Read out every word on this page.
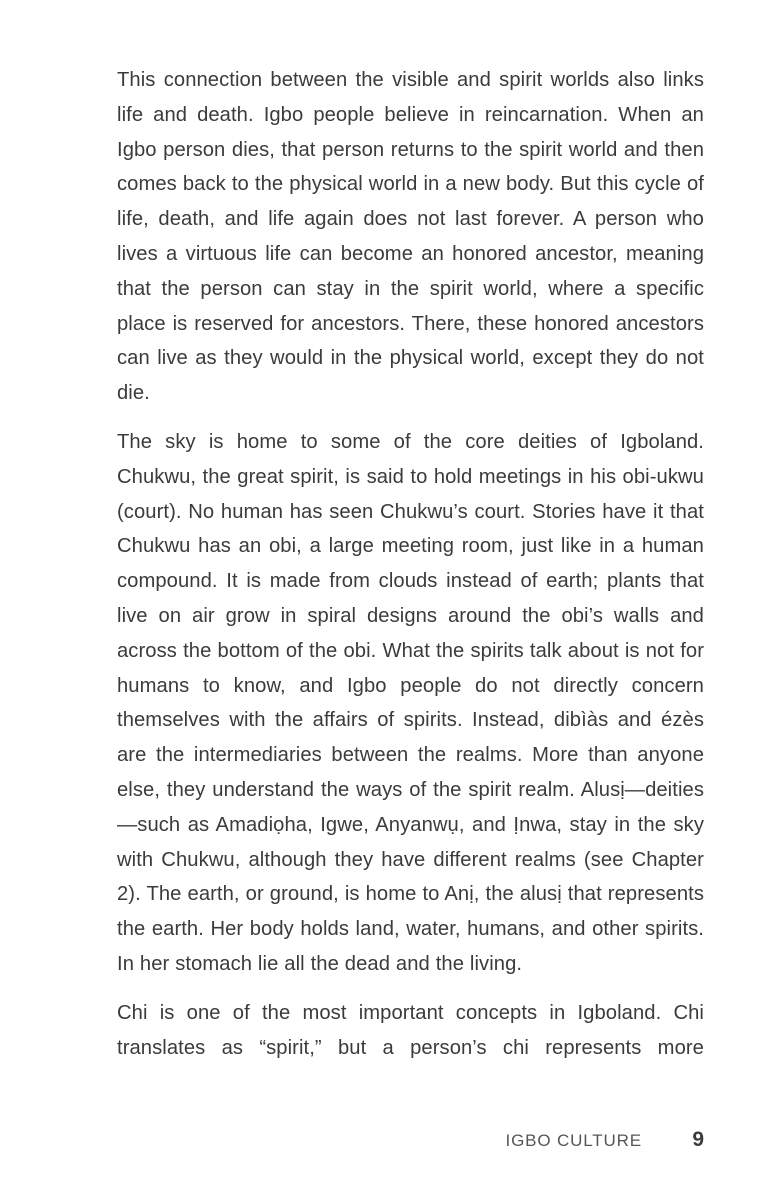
This connection between the visible and spirit worlds also links life and death. Igbo people believe in reincarnation. When an Igbo person dies, that person returns to the spirit world and then comes back to the physical world in a new body. But this cycle of life, death, and life again does not last forever. A person who lives a virtuous life can become an honored ancestor, meaning that the person can stay in the spirit world, where a specific place is reserved for ancestors. There, these honored ancestors can live as they would in the physical world, except they do not die.

The sky is home to some of the core deities of Igboland. Chukwu, the great spirit, is said to hold meetings in his obi-ukwu (court). No human has seen Chukwu’s court. Stories have it that Chukwu has an obi, a large meeting room, just like in a human compound. It is made from clouds instead of earth; plants that live on air grow in spiral designs around the obi’s walls and across the bottom of the obi. What the spirits talk about is not for humans to know, and Igbo people do not directly concern themselves with the affairs of spirits. Instead, dibìàs and ézès are the intermediaries between the realms. More than anyone else, they understand the ways of the spirit realm. Alusị—deities—such as Amadiọha, Igwe, Anyanwụ, and Ịnwa, stay in the sky with Chukwu, although they have different realms (see Chapter 2). The earth, or ground, is home to Anị, the alusị that represents the earth. Her body holds land, water, humans, and other spirits. In her stomach lie all the dead and the living.

Chi is one of the most important concepts in Igboland. Chi translates as “spirit,” but a person’s chi represents more

IGBO CULTURE 9
